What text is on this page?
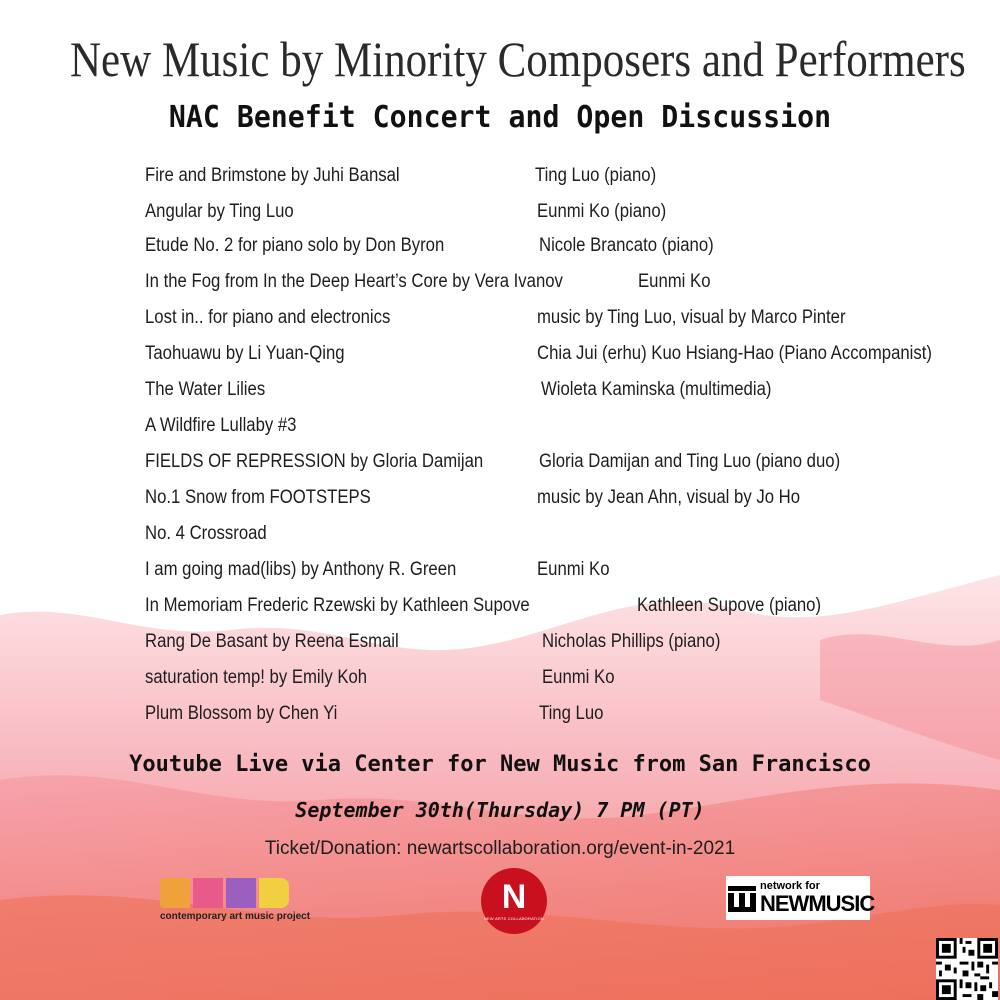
New Music by Minority Composers and Performers
NAC Benefit Concert and Open Discussion
Fire and Brimstone by Juhi Bansal	Ting Luo (piano)
Angular by Ting Luo	Eunmi Ko (piano)
Etude No. 2 for piano solo by Don Byron	Nicole Brancato (piano)
In the Fog from In the Deep Heart’s Core by Vera Ivanov	Eunmi Ko
Lost in.. for piano and electronics	music by Ting Luo, visual by Marco Pinter
Taohuawu by Li Yuan-Qing	Chia Jui (erhu) Kuo Hsiang-Hao (Piano Accompanist)
The Water Lilies	Wioleta Kaminska (multimedia)
A Wildfire Lullaby #3
FIELDS OF REPRESSION by Gloria Damijan	Gloria Damijan and Ting Luo (piano duo)
No.1 Snow from FOOTSTEPS	music by Jean Ahn, visual by Jo Ho
No. 4 Crossroad
I am going mad(libs) by Anthony R. Green	Eunmi Ko
In Memoriam Frederic Rzewski by Kathleen Supove	Kathleen Supove (piano)
Rang De Basant by Reena Esmail	Nicholas Phillips (piano)
saturation temp! by Emily Koh	Eunmi Ko
Plum Blossom by Chen Yi	Ting Luo
Youtube Live via Center for New Music from San Francisco
September 30th(Thursday) 7 PM (PT)
Ticket/Donation: newartscollaboration.org/event-in-2021
contemporary art music project
N
NEW ARTS COLLABORATION
network for
NEWMUSIC
